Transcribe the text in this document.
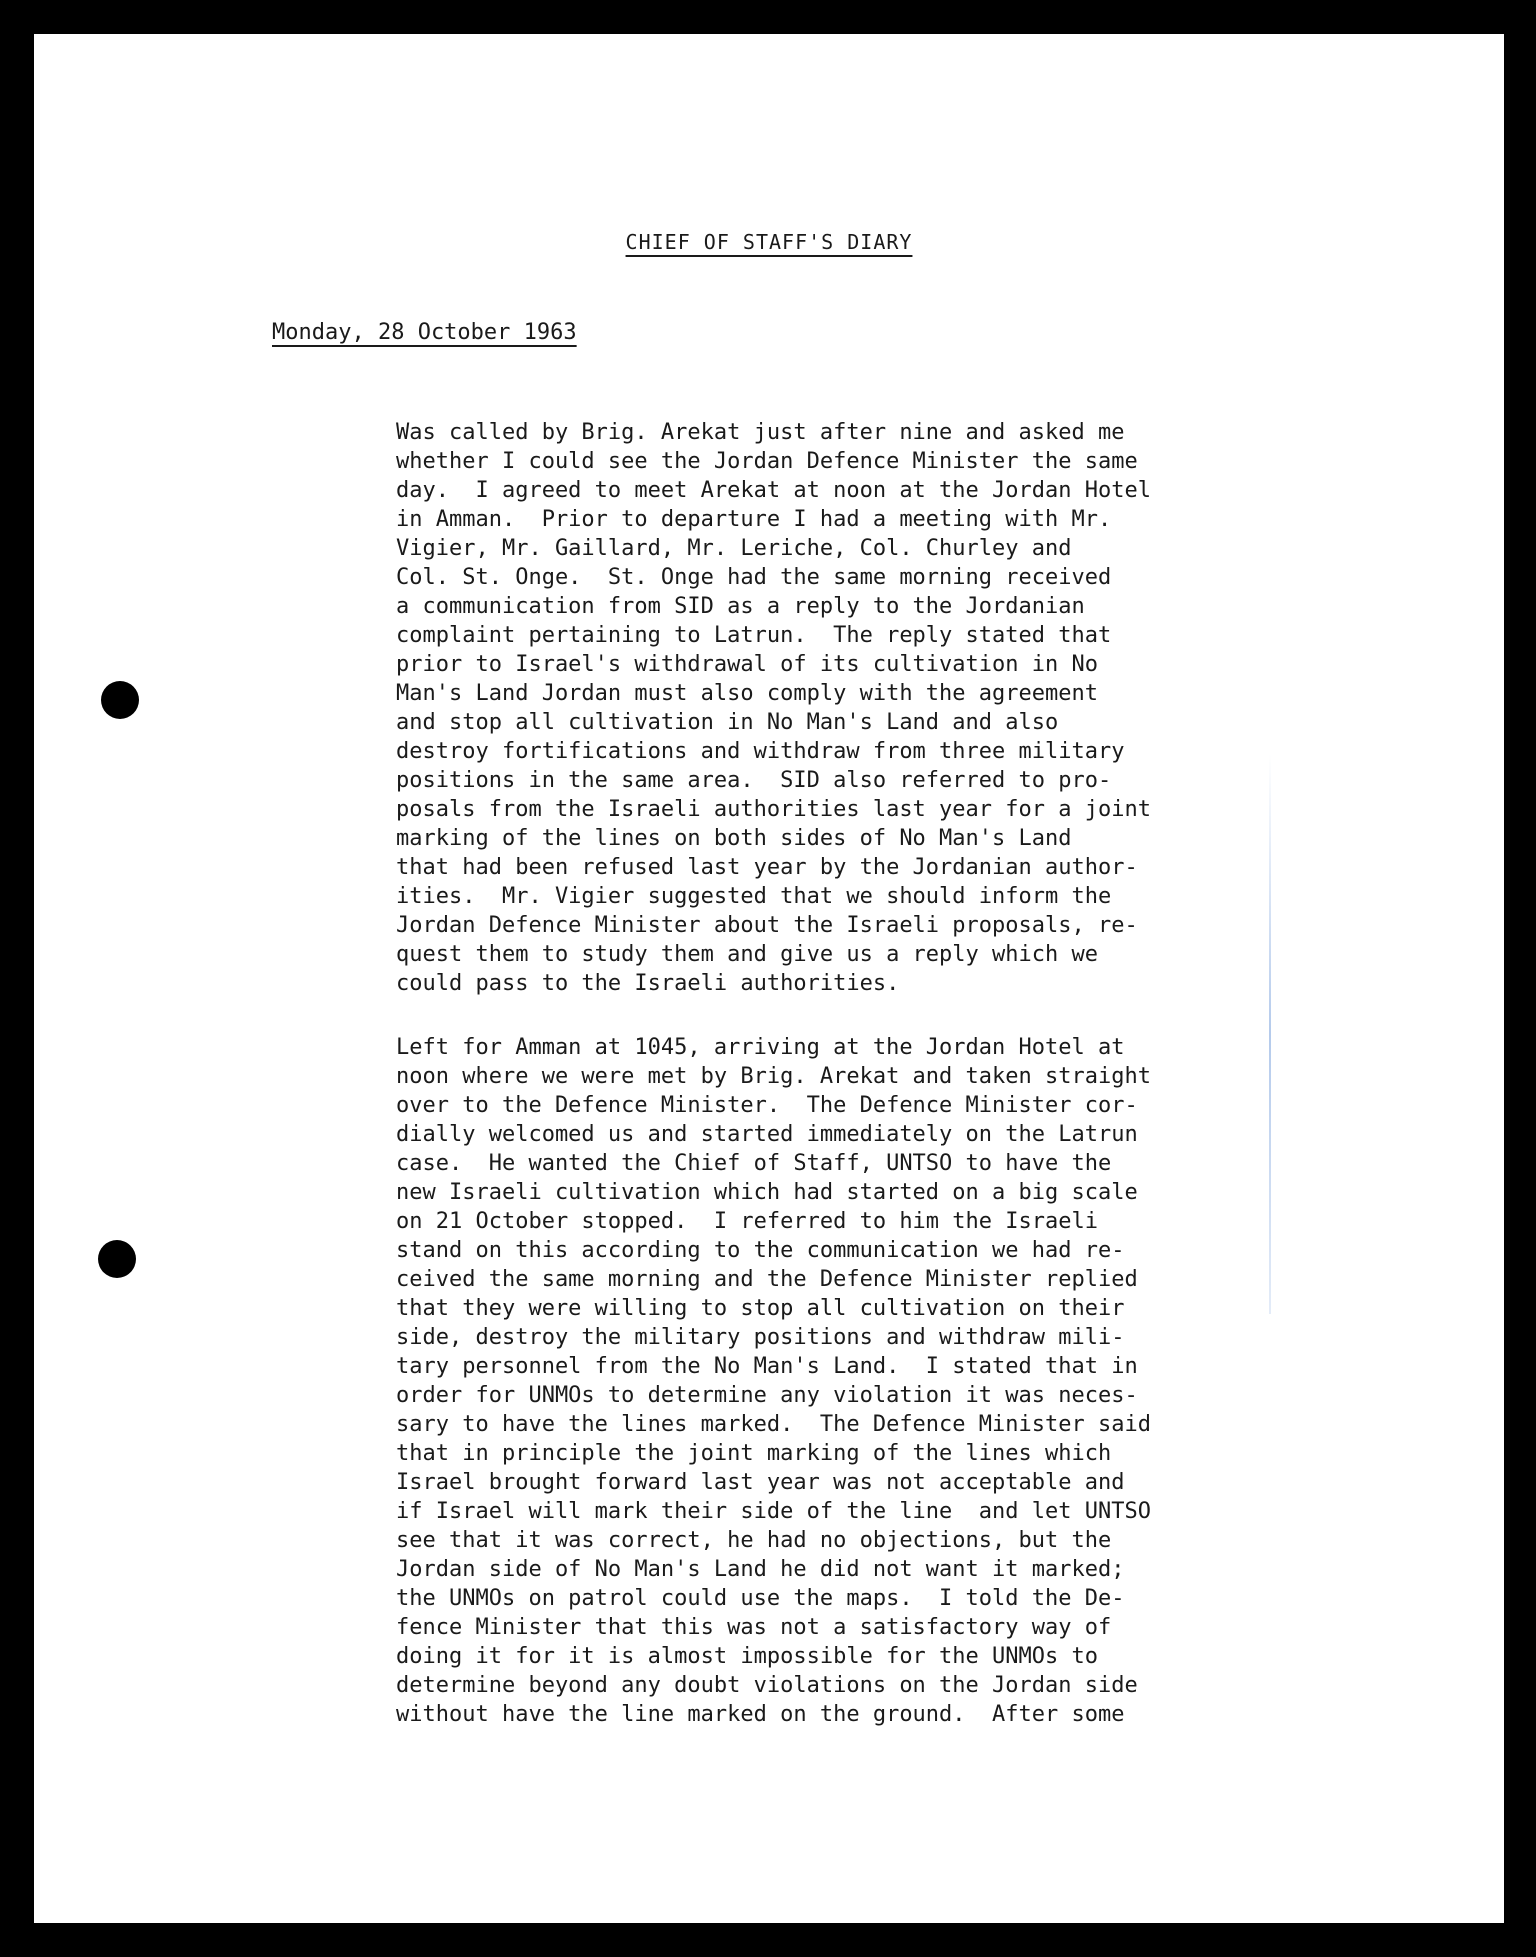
CHIEF OF STAFF'S DIARY
Monday, 28 October 1963
Was called by Brig. Arekat just after nine and asked me
whether I could see the Jordan Defence Minister the same
day.  I agreed to meet Arekat at noon at the Jordan Hotel
in Amman.  Prior to departure I had a meeting with Mr.
Vigier, Mr. Gaillard, Mr. Leriche, Col. Churley and
Col. St. Onge.  St. Onge had the same morning received
a communication from SID as a reply to the Jordanian
complaint pertaining to Latrun.  The reply stated that
prior to Israel's withdrawal of its cultivation in No
Man's Land Jordan must also comply with the agreement
and stop all cultivation in No Man's Land and also
destroy fortifications and withdraw from three military
positions in the same area.  SID also referred to pro-
posals from the Israeli authorities last year for a joint
marking of the lines on both sides of No Man's Land
that had been refused last year by the Jordanian author-
ities.  Mr. Vigier suggested that we should inform the
Jordan Defence Minister about the Israeli proposals, re-
quest them to study them and give us a reply which we
could pass to the Israeli authorities.
Left for Amman at 1045, arriving at the Jordan Hotel at
noon where we were met by Brig. Arekat and taken straight
over to the Defence Minister.  The Defence Minister cor-
dially welcomed us and started immediately on the Latrun
case.  He wanted the Chief of Staff, UNTSO to have the
new Israeli cultivation which had started on a big scale
on 21 October stopped.  I referred to him the Israeli
stand on this according to the communication we had re-
ceived the same morning and the Defence Minister replied
that they were willing to stop all cultivation on their
side, destroy the military positions and withdraw mili-
tary personnel from the No Man's Land.  I stated that in
order for UNMOs to determine any violation it was neces-
sary to have the lines marked.  The Defence Minister said
that in principle the joint marking of the lines which
Israel brought forward last year was not acceptable and
if Israel will mark their side of the line  and let UNTSO
see that it was correct, he had no objections, but the
Jordan side of No Man's Land he did not want it marked;
the UNMOs on patrol could use the maps.  I told the De-
fence Minister that this was not a satisfactory way of
doing it for it is almost impossible for the UNMOs to
determine beyond any doubt violations on the Jordan side
without have the line marked on the ground.  After some
